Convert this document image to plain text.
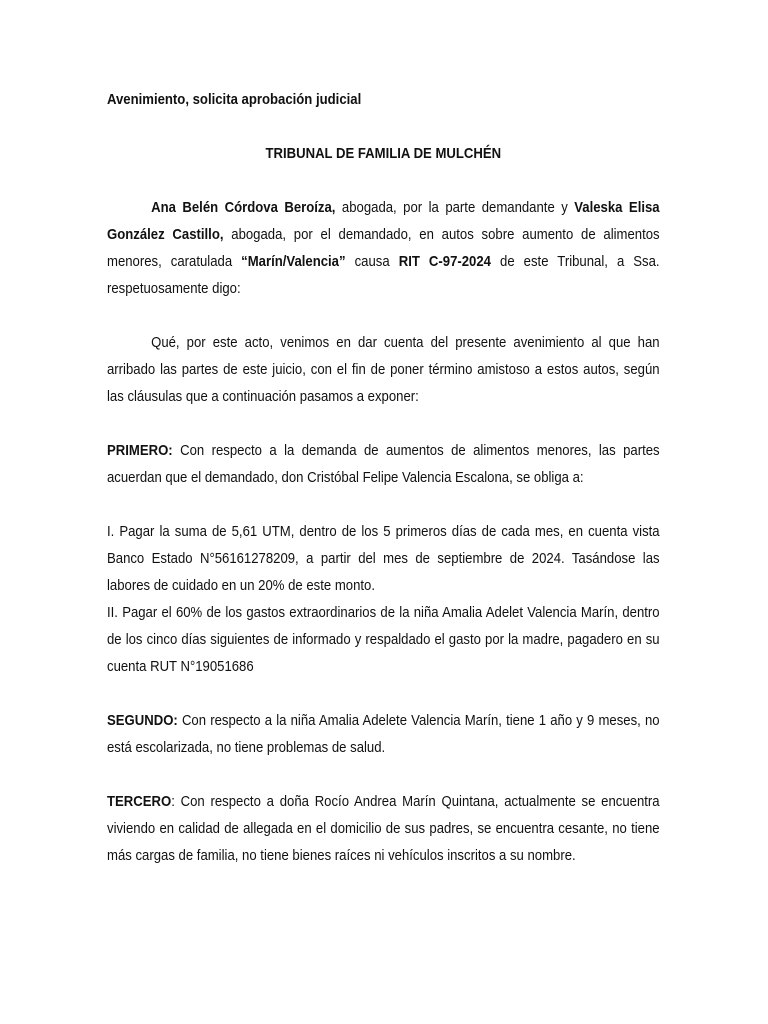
Avenimiento, solicita aprobación judicial

TRIBUNAL DE FAMILIA DE MULCHÉN

Ana Belén Córdova Beroíza, abogada, por la parte demandante y Valeska Elisa González Castillo, abogada, por el demandado, en autos sobre aumento de alimentos menores, caratulada “Marín/Valencia” causa RIT C-97-2024 de este Tribunal, a Ssa. respetuosamente digo:

Qué, por este acto, venimos en dar cuenta del presente avenimiento al que han arribado las partes de este juicio, con el fin de poner término amistoso a estos autos, según las cláusulas que a continuación pasamos a exponer:

PRIMERO: Con respecto a la demanda de aumentos de alimentos menores, las partes acuerdan que el demandado, don Cristóbal Felipe Valencia Escalona, se obliga a:

I. Pagar la suma de 5,61 UTM, dentro de los 5 primeros días de cada mes, en cuenta vista Banco Estado N°56161278209, a partir del mes de septiembre de 2024. Tasándose las labores de cuidado en un 20% de este monto.

II. Pagar el 60% de los gastos extraordinarios de la niña Amalia Adelet Valencia Marín, dentro de los cinco días siguientes de informado y respaldado el gasto por la madre, pagadero en su cuenta RUT N°19051686

SEGUNDO: Con respecto a la niña Amalia Adelete Valencia Marín, tiene 1 año y 9 meses, no está escolarizada, no tiene problemas de salud.

TERCERO: Con respecto a doña Rocío Andrea Marín Quintana, actualmente se encuentra viviendo en calidad de allegada en el domicilio de sus padres, se encuentra cesante, no tiene más cargas de familia, no tiene bienes raíces ni vehículos inscritos a su nombre.
